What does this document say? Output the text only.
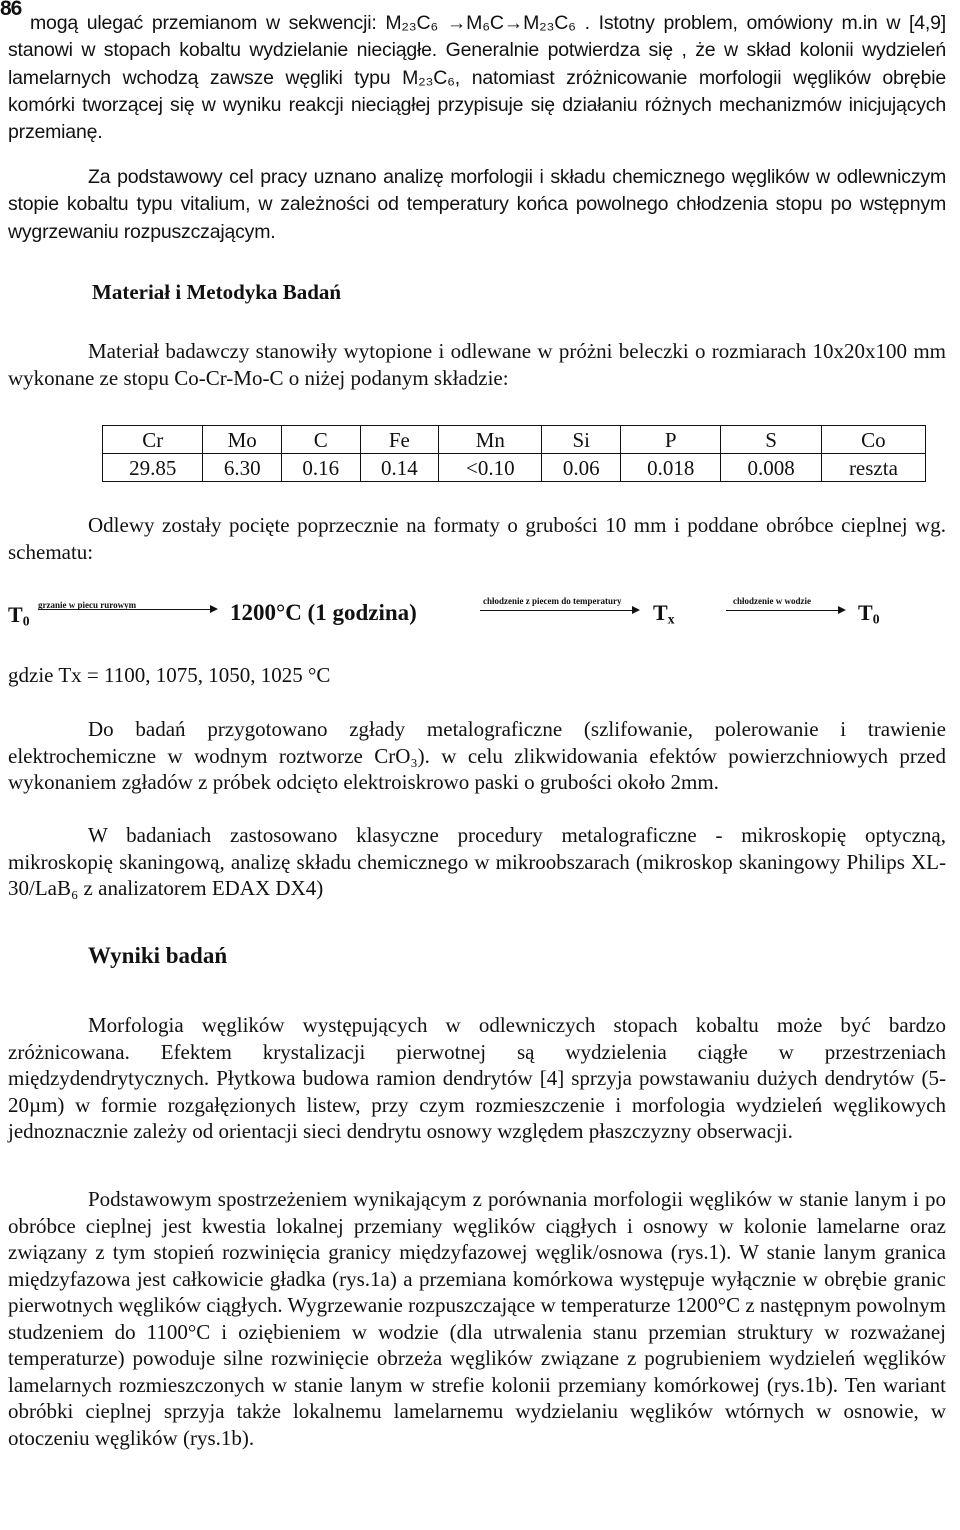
86

mogą ulegać przemianom w sekwencji: M₂₃C₆ →M₆C→M₂₃C₆ . Istotny problem, omówiony m.in w [4,9] stanowi w stopach kobaltu wydzielanie nieciągłe. Generalnie potwierdza się , że w skład kolonii wydzieleń lamelarnych wchodzą zawsze węgliki typu M₂₃C₆, natomiast zróżnicowanie morfologii węglików obrębie komórki tworzącej się w wyniku reakcji nieciągłej przypisuje się działaniu różnych mechanizmów inicjujących przemianę.

Za podstawowy cel pracy uznano analizę morfologii i składu chemicznego węglików w odlewniczym stopie kobaltu typu vitalium, w zależności od temperatury końca powolnego chłodzenia stopu po wstępnym wygrzewaniu rozpuszczającym.

Materiał i Metodyka Badań

Materiał badawczy stanowiły wytopione i odlewane w próżni beleczki o rozmiarach 10x20x100 mm wykonane ze stopu Co-Cr-Mo-C o niżej podanym składzie:

Cr	Mo	C	Fe	Mn	Si	P	S	Co
29.85	6.30	0.16	0.14	<0.10	0.06	0.018	0.008	reszta

Odlewy zostały pocięte poprzecznie na formaty o grubości 10 mm i poddane obróbce cieplnej wg. schematu:

$T_0$
grzanie w piecu rurowym	1200°C (1 godzina)	chłodzenie z piecem do temperatury $T_x$
chłodzenie w wodzie $T_0$

gdzie Tx = 1100, 1075, 1050, 1025 °C

Do badań przygotowano zgłady metalograficzne (szlifowanie, polerowanie i trawienie elektrochemiczne w wodnym roztworze CrO₃). w celu zlikwidowania efektów powierzchniowych przed wykonaniem zgładów z próbek odcięto elektroiskrowo paski o grubości około 2mm.

W badaniach zastosowano klasyczne procedury metalograficzne - mikroskopię optyczną, mikroskopię skaningową, analizę składu chemicznego w mikroobszarach (mikroskop skaningowy Philips XL-30/LaB₆ z analizatorem EDAX DX4)

Wyniki badań

Morfologia węglików występujących w odlewniczych stopach kobaltu może być bardzo zróżnicowana. Efektem krystalizacji pierwotnej są wydzielenia ciągłe w przestrzeniach międzydendrytycznych. Płytkowa budowa ramion dendrytów [4] sprzyja powstawaniu dużych dendrytów (5-20µm) w formie rozgałęzionych listew, przy czym rozmieszczenie i morfologia wydzieleń węglikowych jednoznacznie zależy od orientacji sieci dendrytu osnowy względem płaszczyzny obserwacji.

Podstawowym spostrzeżeniem wynikającym z porównania morfologii węglików w stanie lanym i po obróbce cieplnej jest kwestia lokalnej przemiany węglików ciągłych i osnowy w kolonie lamelarne oraz związany z tym stopień rozwinięcia granicy międzyfazowej węglik/osnowa (rys.1). W stanie lanym granica międzyfazowa jest całkowicie gładka (rys.1a) a przemiana komórkowa występuje wyłącznie w obrębie granic pierwotnych węglików ciągłych. Wygrzewanie rozpuszczające w temperaturze 1200°C z następnym powolnym studzeniem do 1100°C i oziębieniem w wodzie (dla utrwalenia stanu przemian struktury w rozważanej temperaturze) powoduje silne rozwinięcie obrzeża węglików związane z pogrubieniem wydzieleń węglików lamelarnych rozmieszczonych w stanie lanym w strefie kolonii przemiany komórkowej (rys.1b). Ten wariant obróbki cieplnej sprzyja także lokalnemu lamelarnemu wydzielaniu węglików wtórnych w osnowie, w otoczeniu węglików (rys.1b).
